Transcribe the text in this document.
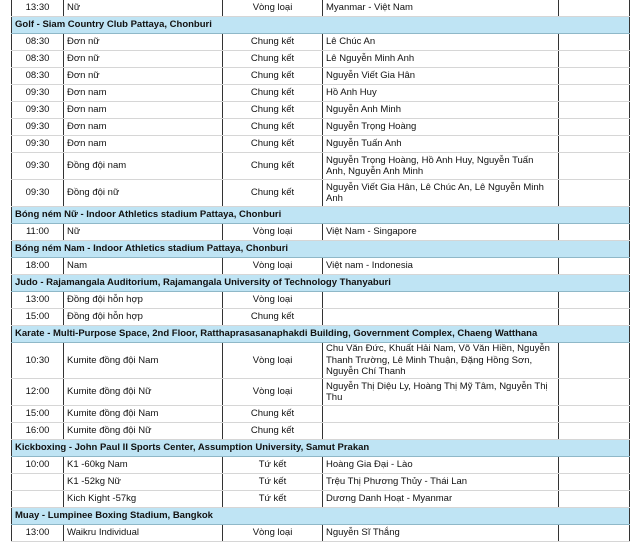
13:30	Nữ	Vòng loại	Myanmar - Việt Nam	
Golf - Siam Country Club Pattaya, Chonburi				
08:30	Đơn nữ	Chung kết	Lê Chúc An	
08:30	Đơn nữ	Chung kết	Lê Nguyễn Minh Anh	
08:30	Đơn nữ	Chung kết	Nguyễn Viết Gia Hân	
09:30	Đơn nam	Chung kết	Hồ Anh Huy	
09:30	Đơn nam	Chung kết	Nguyễn Anh Minh	
09:30	Đơn nam	Chung kết	Nguyễn Trọng Hoàng	
09:30	Đơn nam	Chung kết	Nguyễn Tuấn Anh	
09:30	Đồng đội nam	Chung kết	Nguyễn Trọng Hoàng, Hồ Anh Huy, Nguyễn Tuấn Anh, Nguyễn Anh Minh	
09:30	Đồng đội nữ	Chung kết	Nguyễn Viết Gia Hân, Lê Chúc An, Lê Nguyễn Minh Anh	
Bóng ném Nữ - Indoor Athletics stadium Pattaya, Chonburi				
11:00	Nữ	Vòng loại	Việt Nam - Singapore	
Bóng ném Nam - Indoor Athletics stadium Pattaya, Chonburi				
18:00	Nam	Vòng loại	Việt nam - Indonesia	
Judo - Rajamangala Auditorium, Rajamangala University of Technology Thanyaburi				
13:00	Đồng đội hỗn hợp	Vòng loại		
15:00	Đồng đội hỗn hợp	Chung kết		
Karate - Multi-Purpose Space, 2nd Floor, Ratthaprasasanaphakdi Building, Government Complex, Chaeng Watthana				
10:30	Kumite đồng đội Nam	Vòng loại	Chu Văn Đức, Khuất Hải Nam, Võ Văn Hiền, Nguyễn Thanh Trường, Lê Minh Thuận, Đặng Hồng Sơn, Nguyễn Chí Thanh	
12:00	Kumite đồng đội Nữ	Vòng loại	Nguyễn Thị Diệu Ly, Hoàng Thị Mỹ Tâm, Nguyễn Thị Thu	
15:00	Kumite đồng đội Nam	Chung kết		
16:00	Kumite đồng đội Nữ	Chung kết		
Kickboxing - John Paul II Sports Center, Assumption University, Samut Prakan				
10:00	K1 -60kg Nam	Tứ kết	Hoàng Gia Đại - Lào	
	K1 -52kg Nữ	Tứ kết	Trệu Thị Phương Thủy - Thái Lan	
	Kich Kight -57kg	Tứ kết	Dương Danh Hoạt - Myanmar	
Muay - Lumpinee Boxing Stadium, Bangkok				
13:00	Waikru Individual	Vòng loại	Nguyễn Sĩ Thắng	
